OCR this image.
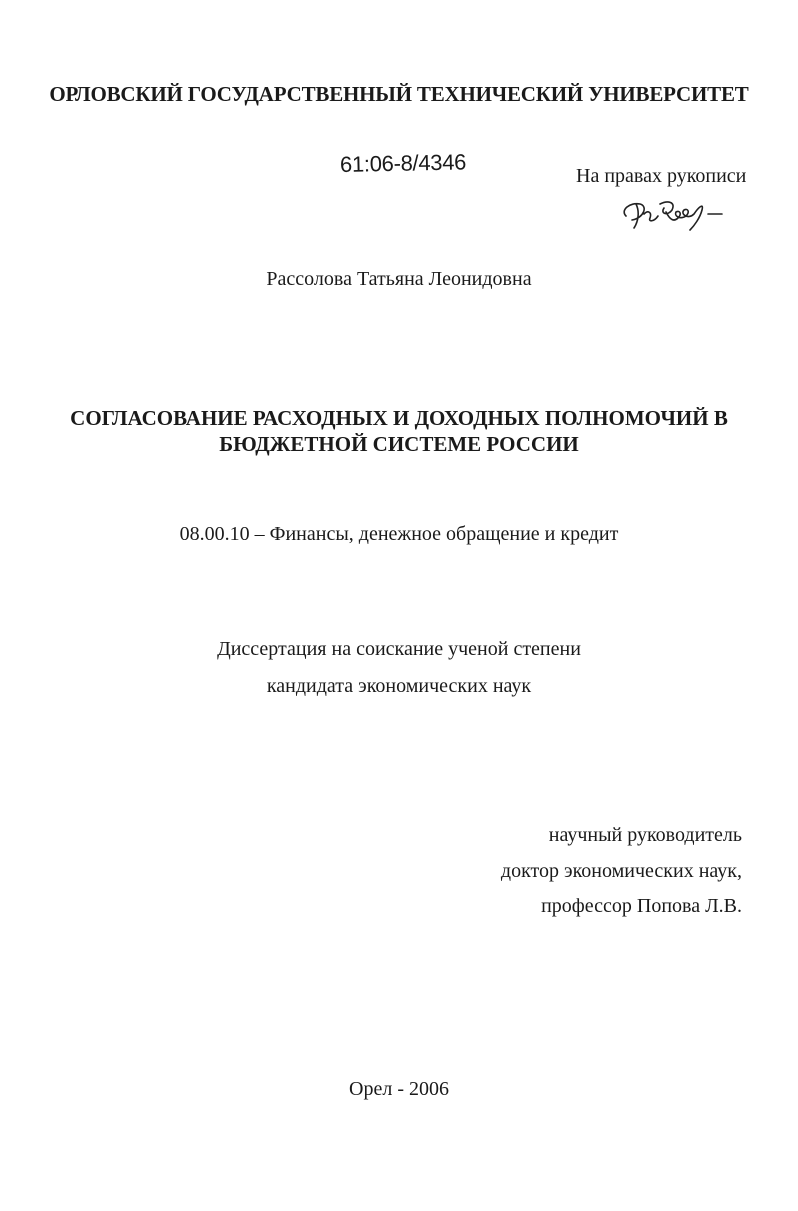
ОРЛОВСКИЙ ГОСУДАРСТВЕННЫЙ ТЕХНИЧЕСКИЙ УНИВЕРСИТЕТ
61:06-8/4346	На правах рукописи
Рассолова Татьяна Леонидовна
СОГЛАСОВАНИЕ РАСХОДНЫХ И ДОХОДНЫХ ПОЛНОМОЧИЙ В
БЮДЖЕТНОЙ СИСТЕМЕ РОССИИ
08.00.10 – Финансы, денежное обращение и кредит
Диссертация на соискание ученой степени
кандидата экономических наук
научный руководитель
доктор экономических наук,
профессор Попова Л.В.
Орел - 2006
